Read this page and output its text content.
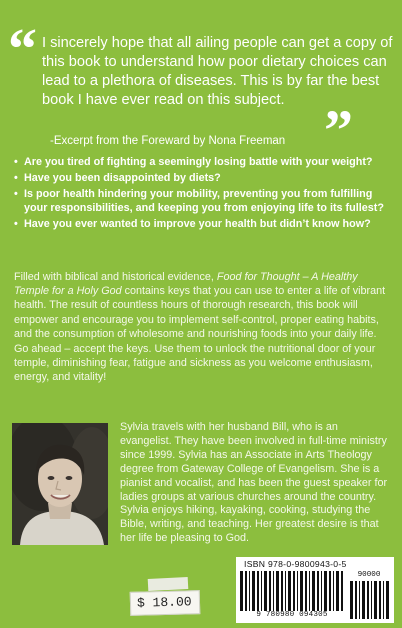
“ I sincerely hope that all ailing people can get a copy of this book to understand how poor dietary choices can lead to a plethora of diseases. This is by far the best book I have ever read on this subject. ”
-Excerpt from the Foreward by Nona Freeman
• Are you tired of fighting a seemingly losing battle with your weight?
• Have you been disappointed by diets?
• Is poor health hindering your mobility, preventing you from fulfilling your responsibilities, and keeping you from enjoying life to its fullest?
• Have you ever wanted to improve your health but didn’t know how?

Filled with biblical and historical evidence, Food for Thought – A Healthy Temple for a Holy God contains keys that you can use to enter a life of vibrant health. The result of countless hours of thorough research, this book will empower and encourage you to implement self-control, proper eating habits, and the consumption of wholesome and nourishing foods into your daily life.

Go ahead – accept the keys. Use them to unlock the nutritional door of your temple, diminishing fear, fatigue and sickness as you welcome enthusiasm, energy, and vitality!

Sylvia travels with her husband Bill, who is an evangelist. They have been involved in full-time ministry since 1999. Sylvia has an Associate in Arts Theology degree from Gateway College of Evangelism. She is a pianist and vocalist, and has been the guest speaker for ladies groups at various churches around the country. Sylvia enjoys hiking, kayaking, cooking, studying the Bible, writing, and teaching. Her greatest desire is that her life be pleasing to God.

ISBN 978-0-9800943-0-5
9 780980 094305
90000
$ 18.00
